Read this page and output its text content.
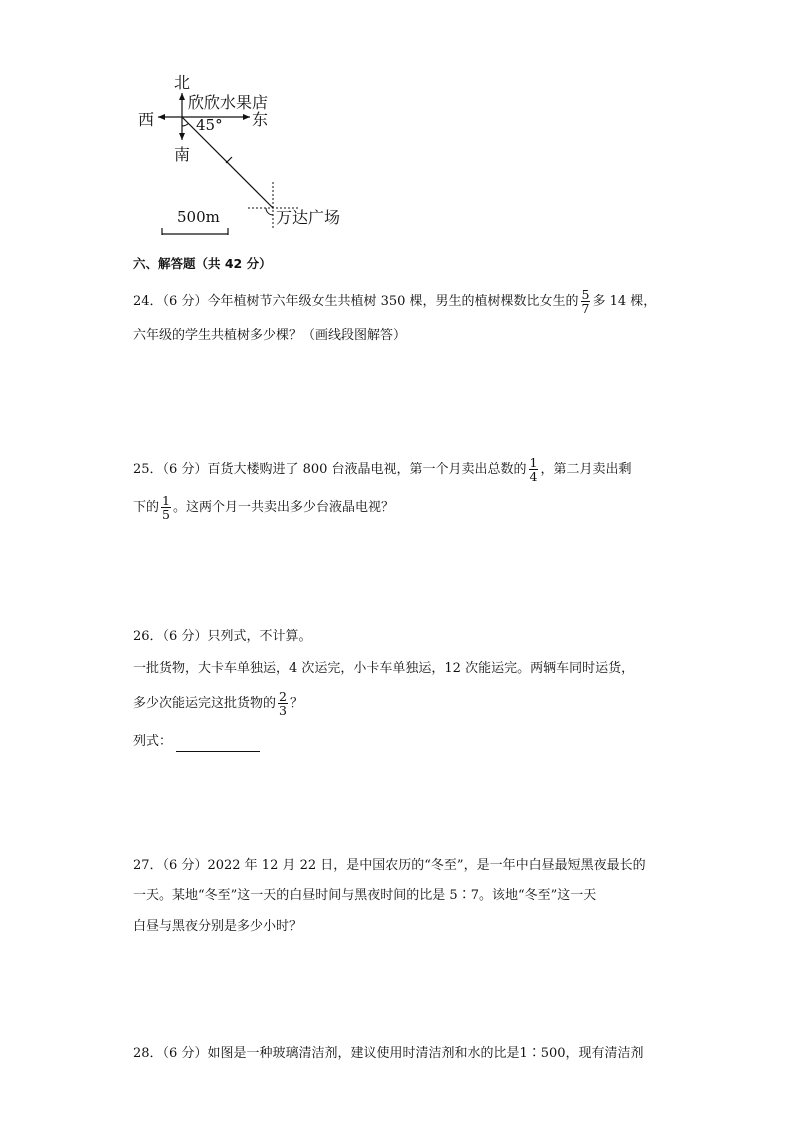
北
欣欣水果店
西	东
45°
南
万达广场
500m
六、解答题（共 42 分）
24．（6 分）今年植树节六年级女生共植树 350 棵，男生的植树棵数比女生的 $\frac{5}{7}$ 多 14 棵，
六年级的学生共植树多少棵？（画线段图解答）
25．（6 分）百货大楼购进了 800 台液晶电视，第一个月卖出总数的 $\frac{1}{4}$ ，第二月卖出剩
下的 $\frac{1}{5}$ 。这两个月一共卖出多少台液晶电视？
26．（6 分）只列式，不计算。
一批货物，大卡车单独运，4 次运完，小卡车单独运，12 次能运完。两辆车同时运货，
多少次能运完这批货物的 $\frac{2}{3}$ ？
列式：
27．（6 分）2022 年 12 月 22 日，是中国农历的“冬至”，是一年中白昼最短黑夜最长的
一天。某地“冬至”这一天的白昼时间与黑夜时间的比是 5∶7。该地“冬至”这一天
白昼与黑夜分别是多少小时？
28．（6 分）如图是一种玻璃清洁剂，建议使用时清洁剂和水的比是1∶500，现有清洁剂
